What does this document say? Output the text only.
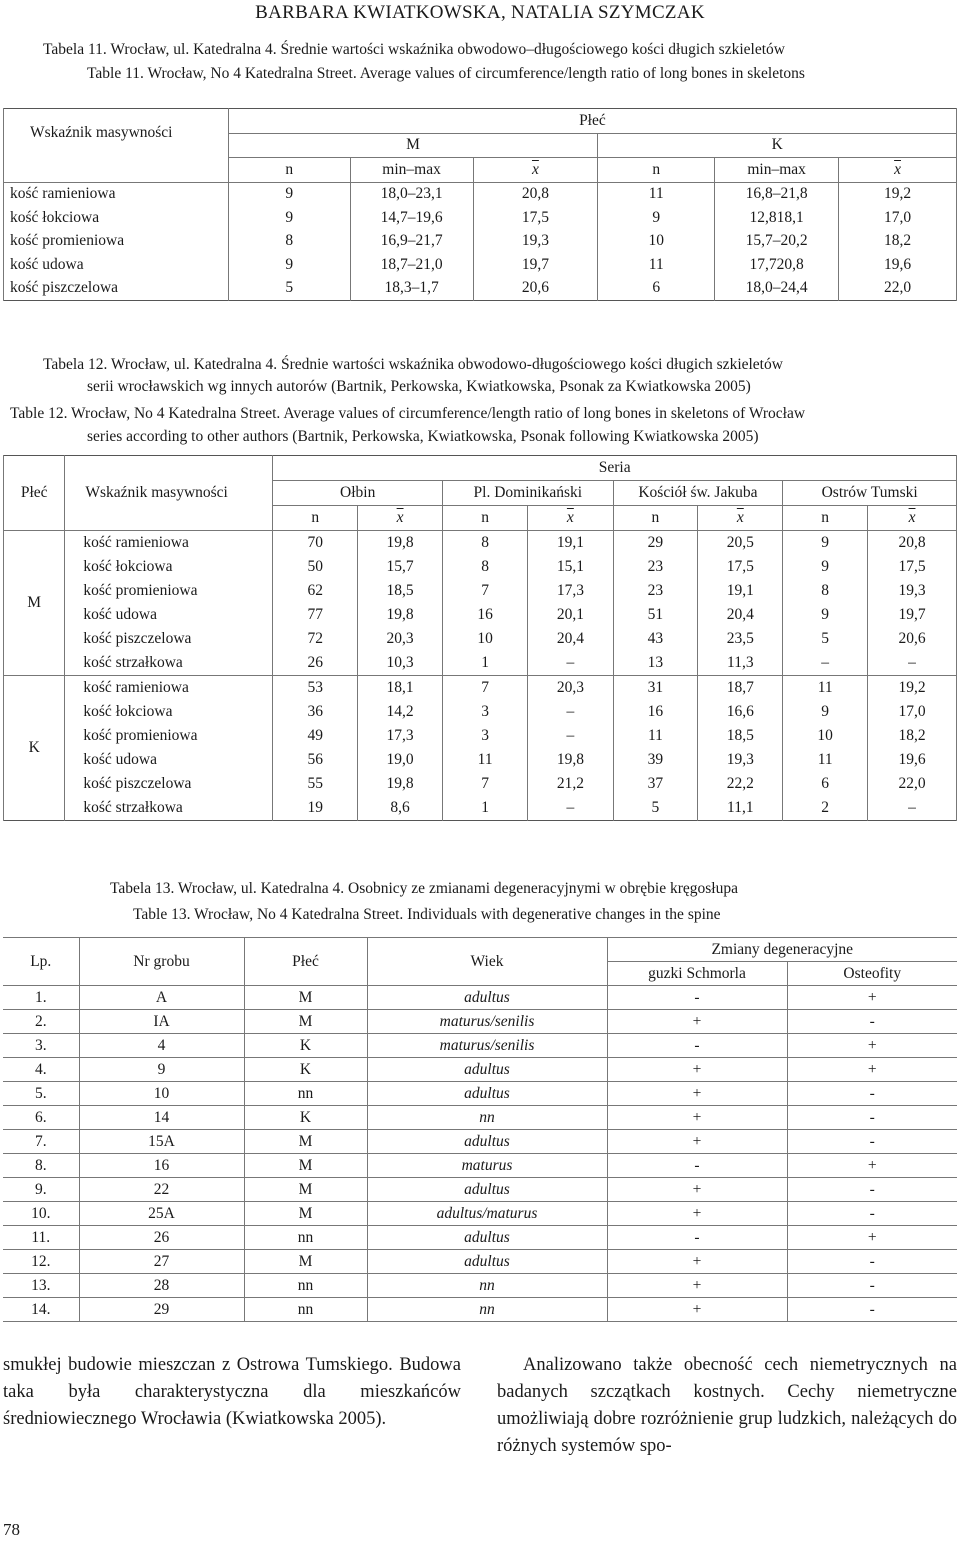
BARBARA KWIATKOWSKA, NATALIA SZYMCZAK
Tabela 11. Wrocław, ul. Katedralna 4. Średnie wartości wskaźnika obwodowo–długościowego kości długich szkieletów
Table 11. Wrocław, No 4 Katedralna Street. Average values of circumference/length ratio of long bones in skeletons
Wskaźnik masywności	Płeć					
	M			K		
	n	min–max	$\overline{x}$	n	min–max	$\overline{x}$
kość ramieniowa	9	18,0–23,1	20,8	11	16,8–21,8	19,2
kość łokciowa	9	14,7–19,6	17,5	9	12,818,1	17,0
kość promieniowa	8	16,9–21,7	19,3	10	15,7–20,2	18,2
kość udowa	9	18,7–21,0	19,7	11	17,720,8	19,6
kość piszczelowa	5	18,3–1,7	20,6	6	18,0–24,4	22,0
Tabela 12. Wrocław, ul. Katedralna 4. Średnie wartości wskaźnika obwodowo-długościowego kości długich szkieletów
serii wrocławskich wg innych autorów (Bartnik, Perkowska, Kwiatkowska, Psonak za Kwiatkowska 2005)
Table 12. Wrocław, No 4 Katedralna Street. Average values of circumference/length ratio of long bones in skeletons of Wrocław
series according to other authors (Bartnik, Perkowska, Kwiatkowska, Psonak following Kwiatkowska 2005)
Płeć	Wskaźnik masywności	Seria							
		Ołbin		Pl. Dominikański		Kościół św. Jakuba		Ostrów Tumski	
		n	$\overline{x}$	n	$\overline{x}$	n	$\overline{x}$	n	$\overline{x}$
M	kość ramieniowa	70	19,8	8	19,1	29	20,5	9	20,8
	kość łokciowa	50	15,7	8	15,1	23	17,5	9	17,5
	kość promieniowa	62	18,5	7	17,3	23	19,1	8	19,3
	kość udowa	77	19,8	16	20,1	51	20,4	9	19,7
	kość piszczelowa	72	20,3	10	20,4	43	23,5	5	20,6
	kość strzałkowa	26	10,3	1	–	13	11,3	–	–
K	kość ramieniowa	53	18,1	7	20,3	31	18,7	11	19,2
	kość łokciowa	36	14,2	3	–	16	16,6	9	17,0
	kość promieniowa	49	17,3	3	–	11	18,5	10	18,2
	kość udowa	56	19,0	11	19,8	39	19,3	11	19,6
	kość piszczelowa	55	19,8	7	21,2	37	22,2	6	22,0
	kość strzałkowa	19	8,6	1	–	5	11,1	2	–
Tabela 13. Wrocław, ul. Katedralna 4. Osobnicy ze zmianami degeneracyjnymi w obrębie kręgosłupa
Table 13. Wrocław, No 4 Katedralna Street. Individuals with degenerative changes in the spine
Lp.	Nr grobu	Płeć	Wiek	Zmiany degeneracyjne	
				guzki Schmorla	Osteofity
1.	A	M	adultus	-	+
2.	IA	M	maturus/senilis	+	-
3.	4	K	maturus/senilis	-	+
4.	9	K	adultus	+	+
5.	10	nn	adultus	+	-
6.	14	K	nn	+	-
7.	15A	M	adultus	+	-
8.	16	M	maturus	-	+
9.	22	M	adultus	+	-
10.	25A	M	adultus/maturus	+	-
11.	26	nn	adultus	-	+
12.	27	M	adultus	+	-
13.	28	nn	nn	+	-
14.	29	nn	nn	+	-
smukłej budowie mieszczan z Ostrowa Tumskiego. Budowa taka była charakterystyczna dla mieszkańców średniowiecznego Wrocławia (Kwiatkowska 2005).
Analizowano także obecność cech niemetrycznych na badanych szczątkach kostnych. Cechy niemetryczne umożliwiają dobre rozróżnienie grup ludzkich, należących do różnych systemów spo-
78
